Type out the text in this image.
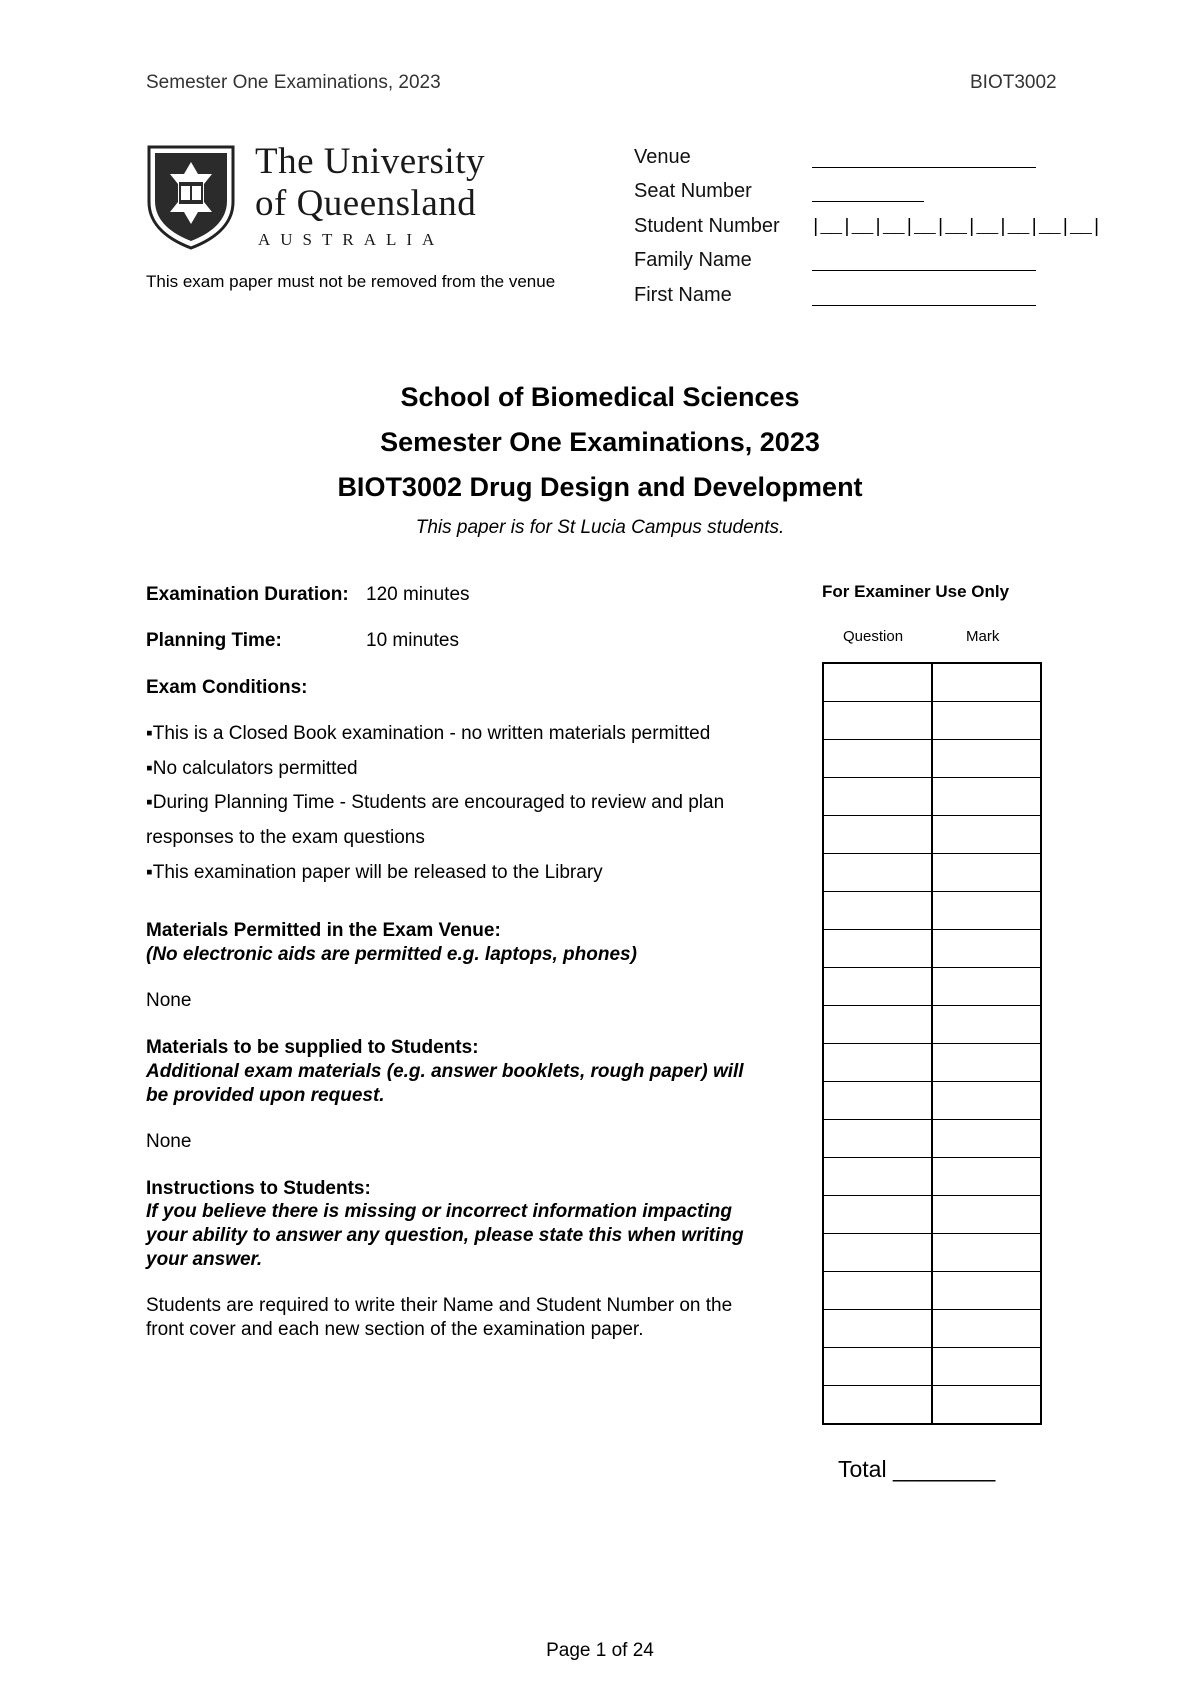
Semester One Examinations, 2023	BIOT3002
The University
of Queensland
AUSTRALIA
This exam paper must not be removed from the venue
Venue
Seat Number
Student Number |__|__|__|__|__|__|__|__|__|
Family Name
First Name
School of Biomedical Sciences
Semester One Examinations, 2023
BIOT3002 Drug Design and Development
This paper is for St Lucia Campus students.
Examination Duration: 120 minutes
Planning Time:	10 minutes
Exam Conditions:
▪This is a Closed Book examination - no written materials permitted
▪No calculators permitted
▪During Planning Time - Students are encouraged to review and plan
responses to the exam questions
▪This examination paper will be released to the Library
Materials Permitted in the Exam Venue:
(No electronic aids are permitted e.g. laptops, phones)
None
Materials to be supplied to Students:
Additional exam materials (e.g. answer booklets, rough paper) will
be provided upon request.
None
Instructions to Students:
If you believe there is missing or incorrect information impacting
your ability to answer any question, please state this when writing
your answer.
Students are required to write their Name and Student Number on the
front cover and each new section of the examination paper.
For Examiner Use Only
Question	Mark

Total ________
Page 1 of 24
